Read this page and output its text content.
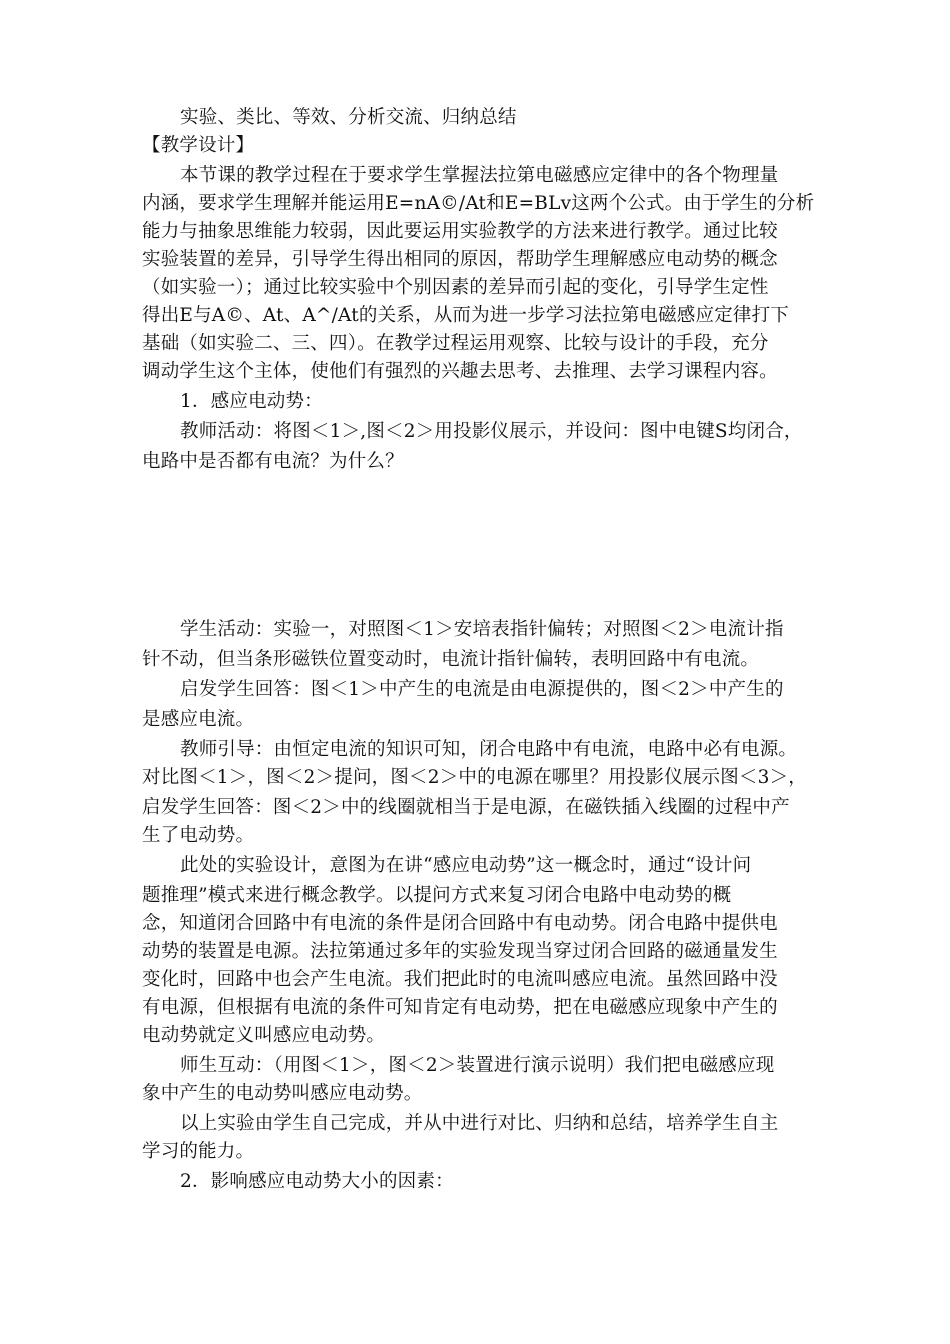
实验、类比、等效、分析交流、归纳总结
【教学设计】
本节课的教学过程在于要求学生掌握法拉第电磁感应定律中的各个物理量
内涵，要求学生理解并能运用E=nA©/At和E=BLv这两个公式。由于学生的分析
能力与抽象思维能力较弱，因此要运用实验教学的方法来进行教学。通过比较
实验装置的差异，引导学生得出相同的原因，帮助学生理解感应电动势的概念
（如实验一）；通过比较实验中个别因素的差异而引起的变化，引导学生定性
得出E与A©、At、A^/At的关系，从而为进一步学习法拉第电磁感应定律打下
基础（如实验二、三、四）。在教学过程运用观察、比较与设计的手段，充分
调动学生这个主体，使他们有强烈的兴趣去思考、去推理、去学习课程内容。
1．感应电动势：
教师活动：将图＜1＞,图＜2＞用投影仪展示，并设问：图中电键S均闭合，
电路中是否都有电流？为什么？
学生活动：实验一，对照图＜1＞安培表指针偏转；对照图＜2＞电流计指
针不动，但当条形磁铁位置变动时，电流计指针偏转，表明回路中有电流。
启发学生回答：图＜1＞中产生的电流是由电源提供的，图＜2＞中产生的
是感应电流。
教师引导：由恒定电流的知识可知，闭合电路中有电流，电路中必有电源。
对比图＜1＞，图＜2＞提问，图＜2＞中的电源在哪里？用投影仪展示图＜3＞，
启发学生回答：图＜2＞中的线圈就相当于是电源，在磁铁插入线圈的过程中产
生了电动势。
此处的实验设计，意图为在讲“感应电动势”这一概念时，通过“设计问
题推理”模式来进行概念教学。以提问方式来复习闭合电路中电动势的概
念，知道闭合回路中有电流的条件是闭合回路中有电动势。闭合电路中提供电
动势的装置是电源。法拉第通过多年的实验发现当穿过闭合回路的磁通量发生
变化时，回路中也会产生电流。我们把此时的电流叫感应电流。虽然回路中没
有电源，但根据有电流的条件可知肯定有电动势，把在电磁感应现象中产生的
电动势就定义叫感应电动势。
师生互动：（用图＜1＞，图＜2＞装置进行演示说明）我们把电磁感应现
象中产生的电动势叫感应电动势。
以上实验由学生自己完成，并从中进行对比、归纳和总结，培养学生自主
学习的能力。
2．影响感应电动势大小的因素：
